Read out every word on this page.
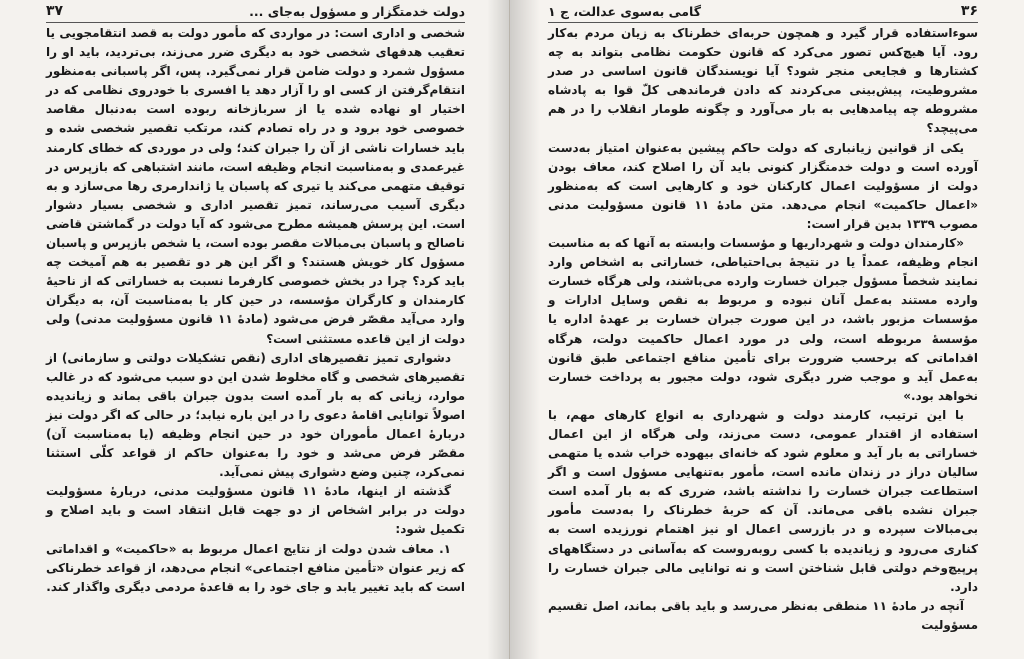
دولت خدمتگزار و مسؤول به‌جای ...
۳۷

شخصی و اداری است: در مواردی که مأمور دولت به قصد انتقامجویی یا تعقیب هدفهای شخصی خود به دیگری ضرر می‌زند، بی‌تردید، باید او را مسؤول شمرد و دولت ضامن قرار نمی‌گیرد. پس، اگر پاسبانی به‌منظور انتقام‌گرفتن از کسی او را آزار دهد یا افسری با خودروی نظامی که در اختیار او نهاده شده یا از سربازخانه ربوده است به‌دنبال مقاصد خصوصی خود برود و در راه تصادم کند، مرتکب تقصیر شخصی شده و باید خسارات ناشی از آن را جبران کند؛ ولی در موردی که خطای کارمند غیرعمدی و به‌مناسبت انجام وظیفه است، مانند اشتباهی که بازپرس در توقیف متهمی می‌کند یا تیری که پاسبان یا ژاندارمری رها می‌سازد و به دیگری آسیب می‌رساند، تمیز تقصیر اداری و شخصی بسیار دشوار است. این پرسش همیشه مطرح می‌شود که آیا دولت در گماشتن قاضی ناصالح و پاسبان بی‌مبالات مقصر بوده است، یا شخص بازپرس و پاسبان مسؤول کار خویش هستند؟ و اگر این هر دو تقصیر به هم آمیخت چه باید کرد؟ چرا در بخش خصوصی کارفرما نسبت به خساراتی که از ناحیهٔ کارمندان و کارگران مؤسسه، در حین کار یا به‌مناسبت آن، به دیگران وارد می‌آید مقصّر فرض می‌شود (مادهٔ ۱۱ قانون مسؤولیت مدنی) ولی دولت از این قاعده مستثنی است؟

دشواری تمیز تقصیرهای اداری (نقص تشکیلات دولتی و سازمانی) از تقصیرهای شخصی و گاه مخلوط شدن این دو سبب می‌شود که در غالب موارد، زیانی که به بار آمده است بدون جبران باقی بماند و زیاندیده اصولاً توانایی اقامهٔ دعوی را در این باره نیابد؛ در حالی که اگر دولت نیز دربارهٔ اعمال مأموران خود در حین انجام وظیفه (یا به‌مناسبت آن) مقصّر فرض می‌شد و خود را به‌عنوان حاکم از قواعد کلّی استثنا نمی‌کرد، چنین وضع دشواری پیش نمی‌آید.

گذشته از اینها، مادهٔ ۱۱ قانون مسؤولیت مدنی، دربارهٔ مسؤولیت دولت در برابر اشخاص از دو جهت قابل انتقاد است و باید اصلاح و تکمیل شود:

۱. معاف شدن دولت از نتایج اعمال مربوط به «حاکمیت» و اقداماتی که زیر عنوان «تأمین منافع اجتماعی» انجام می‌دهد، از قواعد خطرناکی است که باید تغییر یابد و جای خود را به قاعدهٔ مردمی دیگری واگذار کند.

۳۶
گامی به‌سوی عدالت، ج ۱

سوءاستفاده قرار گیرد و همچون حربه‌ای خطرناک به زیان مردم به‌کار رود. آیا هیچ‌کس تصور می‌کرد که قانون حکومت نظامی بتواند به چه کشتارها و فجایعی منجر شود؟ آیا نویسندگان قانون اساسی در صدر مشروطیت، پیش‌بینی می‌کردند که دادن فرماندهی کلّ قوا به پادشاه مشروطه چه پیامدهایی به بار می‌آورد و چگونه طومار انقلاب را در هم می‌پیچد؟

یکی از قوانین زیانباری که دولت حاکم پیشین به‌عنوان امتیاز به‌دست آورده است و دولت خدمتگزار کنونی باید آن را اصلاح کند، معاف بودن دولت از مسؤولیت اعمال کارکنان خود و کارهایی است که به‌منظور «اعمال حاکمیت» انجام می‌دهد. متن مادهٔ ۱۱ قانون مسؤولیت مدنی مصوب ۱۳۳۹ بدین قرار است:

«کارمندان دولت و شهرداریها و مؤسسات وابسته به آنها که به مناسبت انجام وظیفه، عمداً یا در نتیجهٔ بی‌احتیاطی، خساراتی به اشخاص وارد نمایند شخصاً مسؤول جبران خسارت وارده می‌باشند، ولی هرگاه خسارت وارده مستند به‌عمل آنان نبوده و مربوط به نقص وسایل ادارات و مؤسسات مزبور باشد، در این صورت جبران خسارت بر عهدهٔ اداره یا مؤسسهٔ مربوطه است، ولی در مورد اعمال حاکمیت دولت، هرگاه اقداماتی که برحسب ضرورت برای تأمین منافع اجتماعی طبق قانون به‌عمل آید و موجب ضرر دیگری شود، دولت مجبور به پرداخت خسارت نخواهد بود.»

با این ترتیب، کارمند دولت و شهرداری به انواع کارهای مهم، با استفاده از اقتدار عمومی، دست می‌زند، ولی هرگاه از این اعمال خساراتی به بار آید و معلوم شود که خانه‌ای بیهوده خراب شده یا متهمی سالیان دراز در زندان مانده است، مأمور به‌تنهایی مسؤول است و اگر استطاعت جبران خسارت را نداشته باشد، ضرری که به بار آمده است جبران نشده باقی می‌ماند. آن که حربهٔ خطرناک را به‌دست مأمور بی‌مبالات سپرده و در بازرسی اعمال او نیز اهتمام نورزیده است به کناری می‌رود و زیاندیده با کسی روبه‌روست که به‌آسانی در دستگاههای پرپیچ‌وخم دولتی قابل شناختن است و نه توانایی مالی جبران خسارت را دارد.

آنچه در مادهٔ ۱۱ منطقی به‌نظر می‌رسد و باید باقی بماند، اصل تقسیم مسؤولیت
